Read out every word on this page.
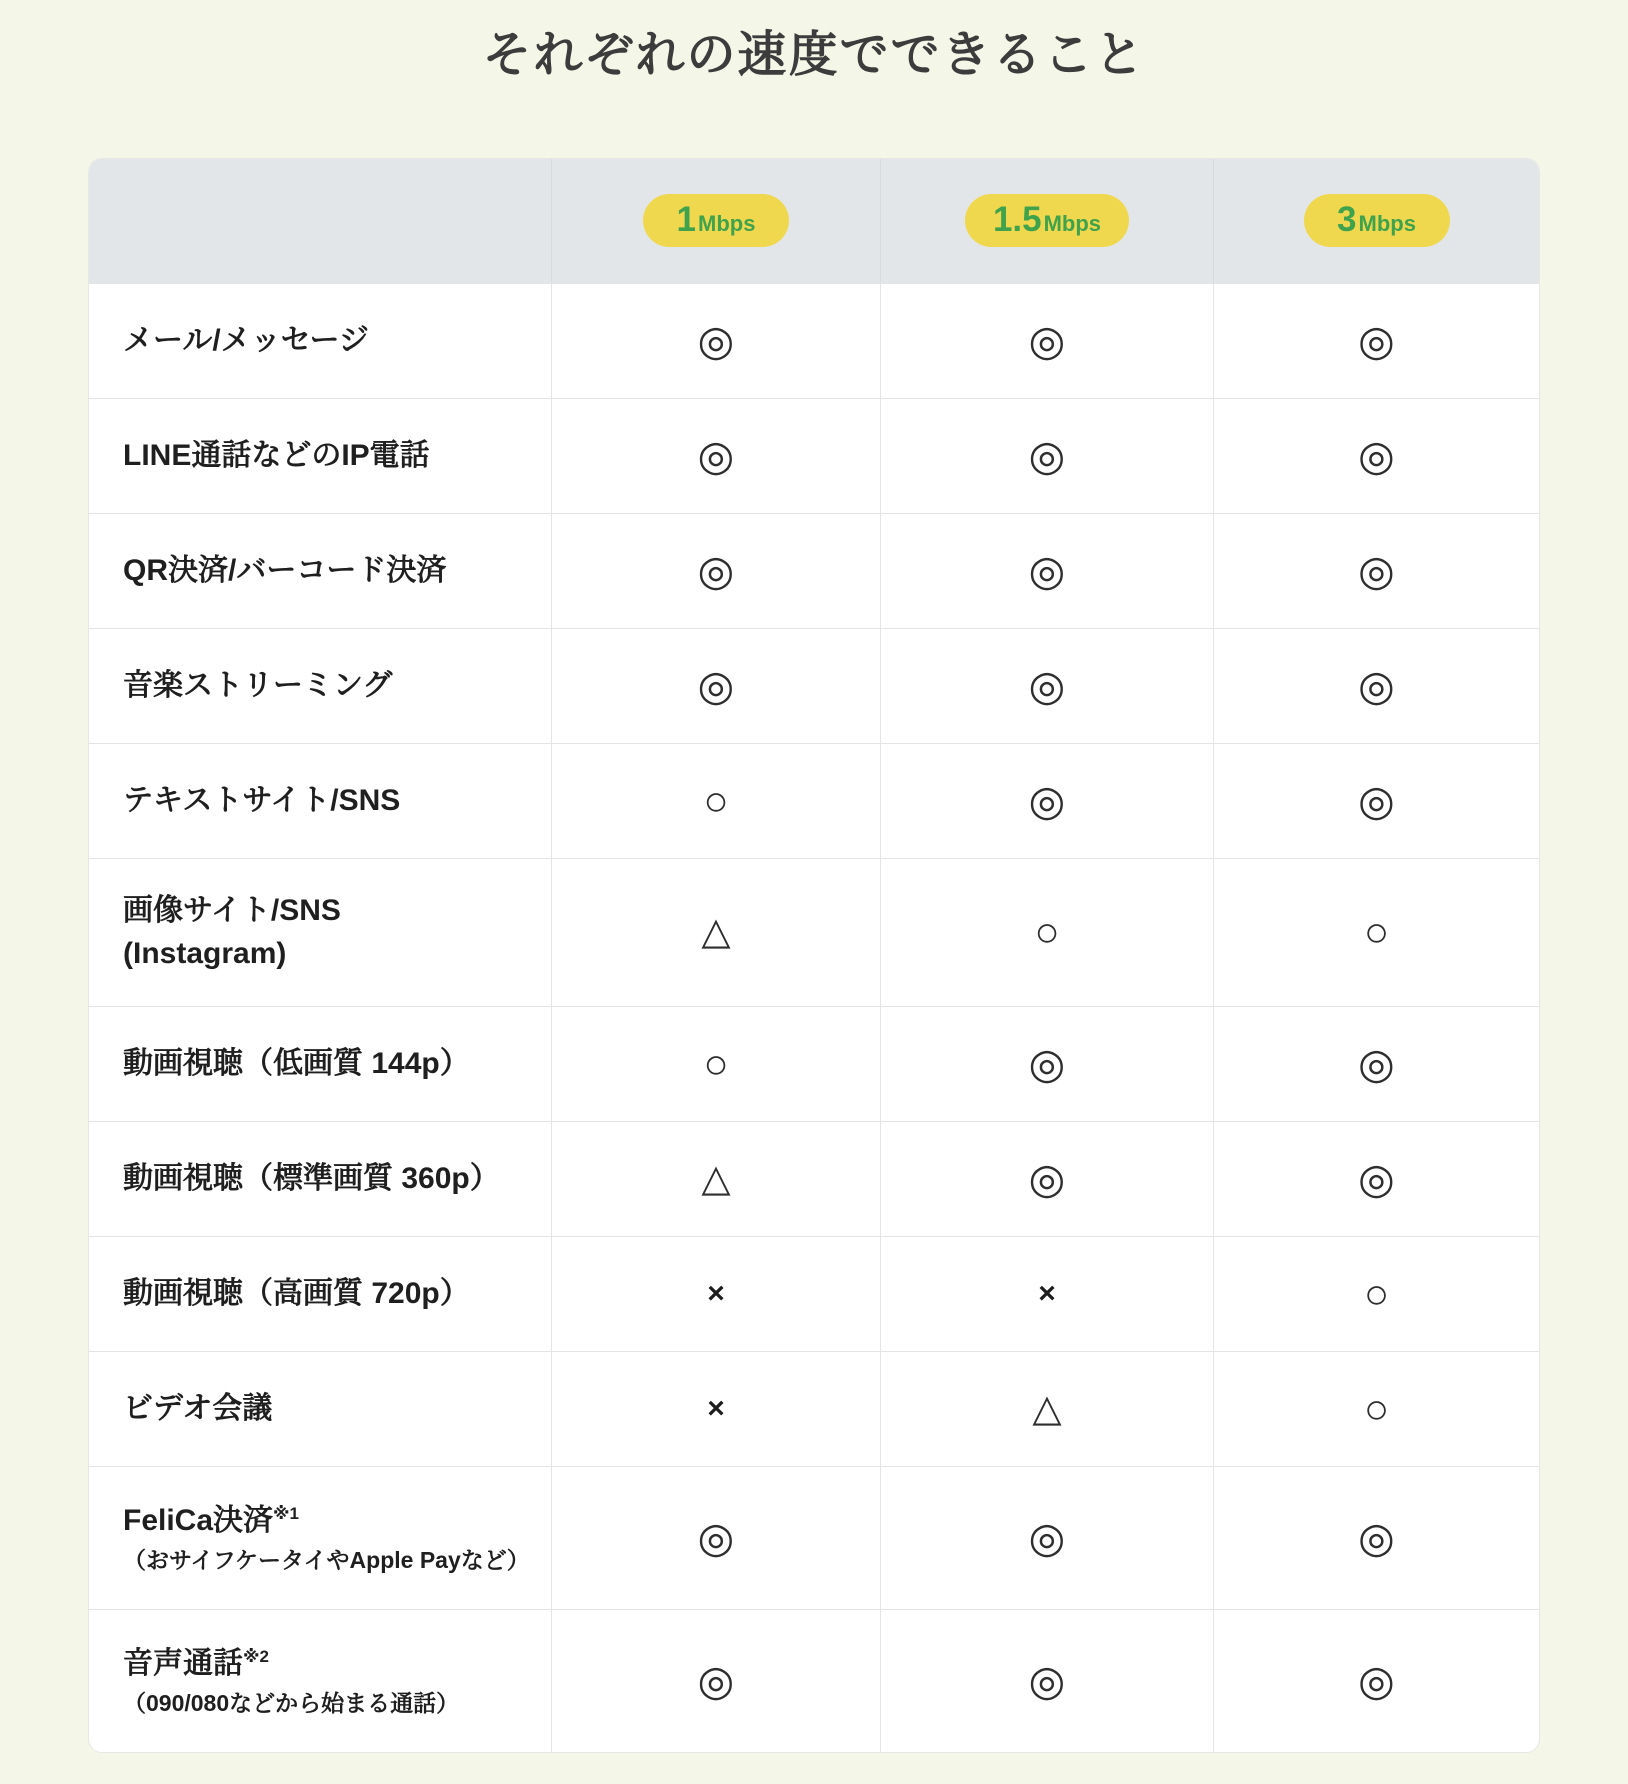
それぞれの速度でできること
1 Mbps	1.5 Mbps	3 Mbps
メール/メッセージ	◎	◎	◎
LINE通話などのIP電話	◎	◎	◎
QR決済/バーコード決済	◎	◎	◎
音楽ストリーミング	◎	◎	◎
テキストサイト/SNS	○	◎	◎
画像サイト/SNS
(Instagram)
△	○	○
動画視聴（低画質 144p）	○	◎	◎
動画視聴（標準画質 360p）	△	◎	◎
動画視聴（高画質 720p）	×	×	○
ビデオ会議	×	△	○
FeliCa決済$^{※1}$
（おサイフケータイやApple Payなど）	◎	◎	◎
音声通話$^{※2}$
（090/080などから始まる通話）	◎	◎	◎
